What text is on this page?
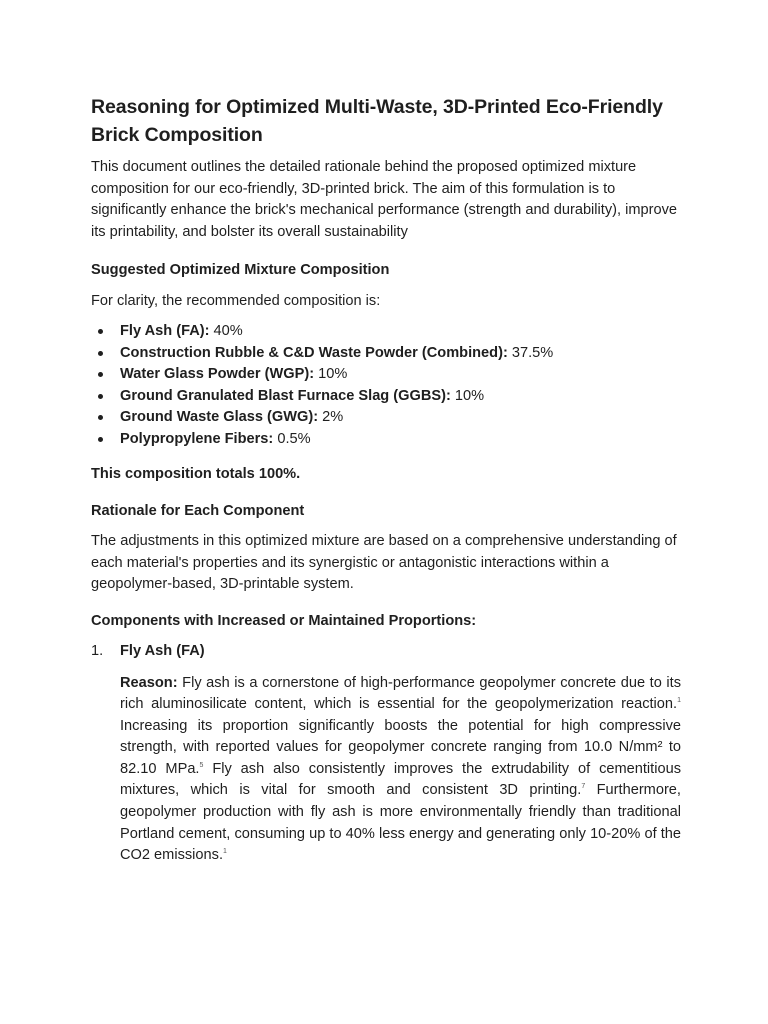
Reasoning for Optimized Multi-Waste, 3D-Printed Eco-Friendly Brick Composition

This document outlines the detailed rationale behind the proposed optimized mixture composition for our eco-friendly, 3D-printed brick. The aim of this formulation is to significantly enhance the brick's mechanical performance (strength and durability), improve its printability, and bolster its overall sustainability

Suggested Optimized Mixture Composition

For clarity, the recommended composition is:

Fly Ash (FA): 40%
Construction Rubble & C&D Waste Powder (Combined): 37.5%
Water Glass Powder (WGP): 10%
Ground Granulated Blast Furnace Slag (GGBS): 10%
Ground Waste Glass (GWG): 2%
Polypropylene Fibers: 0.5%

This composition totals 100%.

Rationale for Each Component

The adjustments in this optimized mixture are based on a comprehensive understanding of each material's properties and its synergistic or antagonistic interactions within a geopolymer-based, 3D-printable system.

Components with Increased or Maintained Proportions:
1. Fly Ash (FA)

Reason: Fly ash is a cornerstone of high-performance geopolymer concrete due to its rich aluminosilicate content, which is essential for the geopolymerization reaction.$^1$ Increasing its proportion significantly boosts the potential for high compressive strength, with reported values for geopolymer concrete ranging from 10.0 N/mm² to 82.10 MPa.$^5$ Fly ash also consistently improves the extrudability of cementitious mixtures, which is vital for smooth and consistent 3D printing.$^7$ Furthermore, geopolymer production with fly ash is more environmentally friendly than traditional Portland cement, consuming up to 40% less energy and generating only 10-20% of the CO2 emissions.$^1$
